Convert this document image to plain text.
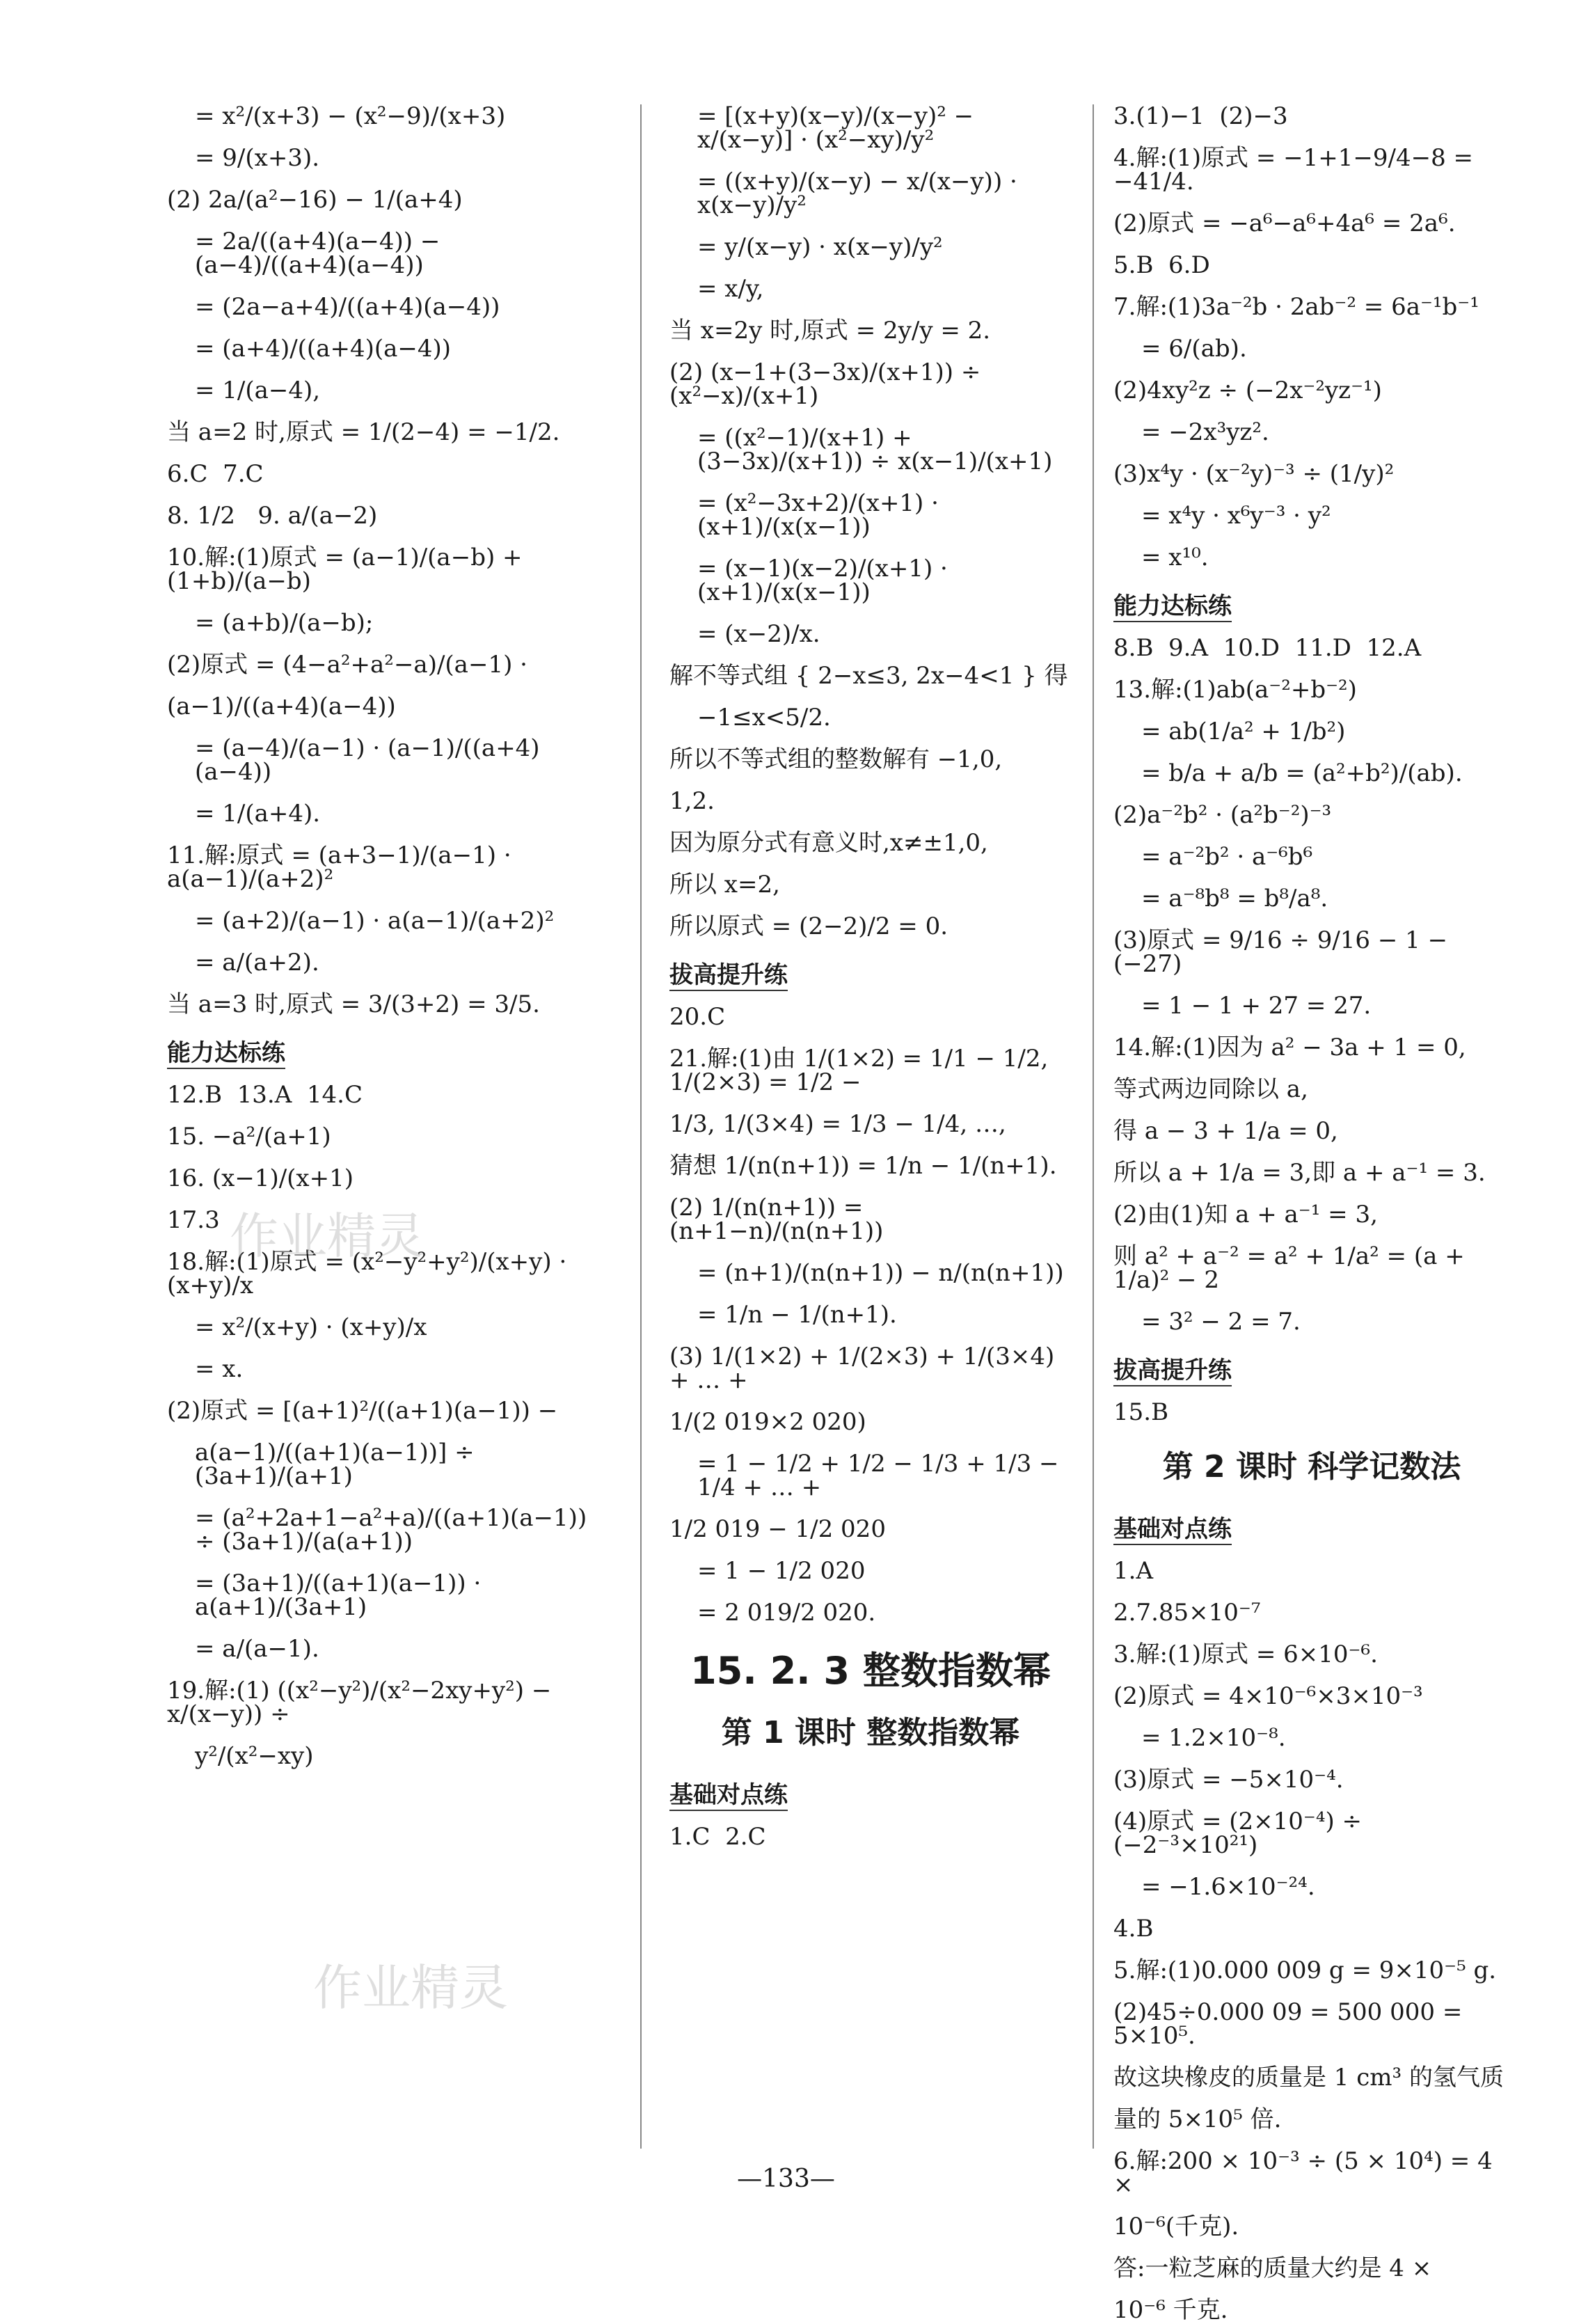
= x²/(x+3) − (x²−9)/(x+3)
= 9/(x+3).
(2) 2a/(a²−16) − 1/(a+4)
= 2a/((a+4)(a−4)) − (a−4)/((a+4)(a−4))
= (2a−a+4)/((a+4)(a−4))
= (a+4)/((a+4)(a−4))
= 1/(a−4),
当 a=2 时,原式 = 1/(2−4) = −1/2.
6.C  7.C
8. 1/2   9. a/(a−2)
10.解:(1)原式 = (a−1)/(a−b) + (1+b)/(a−b)
= (a+b)/(a−b);
(2)原式 = (4−a²+a²−a)/(a−1) ·
(a−1)/((a+4)(a−4))
= (a−4)/(a−1) · (a−1)/((a+4)(a−4))
= 1/(a+4).
11.解:原式 = (a+3−1)/(a−1) · a(a−1)/(a+2)²
= (a+2)/(a−1) · a(a−1)/(a+2)²
= a/(a+2).
当 a=3 时,原式 = 3/(3+2) = 3/5.
能力达标练
12.B  13.A  14.C
15. −a²/(a+1)
16. (x−1)/(x+1)
17.3
18.解:(1)原式 = (x²−y²+y²)/(x+y) · (x+y)/x
= x²/(x+y) · (x+y)/x
= x.
(2)原式 = [(a+1)²/((a+1)(a−1)) −
a(a−1)/((a+1)(a−1))] ÷ (3a+1)/(a+1)
= (a²+2a+1−a²+a)/((a+1)(a−1)) ÷ (3a+1)/(a(a+1))
= (3a+1)/((a+1)(a−1)) · a(a+1)/(3a+1)
= a/(a−1).
19.解:(1) ((x²−y²)/(x²−2xy+y²) − x/(x−y)) ÷
y²/(x²−xy)
= [(x+y)(x−y)/(x−y)² − x/(x−y)] · (x²−xy)/y²
= ((x+y)/(x−y) − x/(x−y)) · x(x−y)/y²
= y/(x−y) · x(x−y)/y²
= x/y,
当 x=2y 时,原式 = 2y/y = 2.
(2) (x−1+(3−3x)/(x+1)) ÷ (x²−x)/(x+1)
= ((x²−1)/(x+1) + (3−3x)/(x+1)) ÷ x(x−1)/(x+1)
= (x²−3x+2)/(x+1) · (x+1)/(x(x−1))
= (x−1)(x−2)/(x+1) · (x+1)/(x(x−1))
= (x−2)/x.
解不等式组 { 2−x≤3, 2x−4<1 } 得
−1≤x<5/2.
所以不等式组的整数解有 −1,0,
1,2.
因为原分式有意义时,x≠±1,0,
所以 x=2,
所以原式 = (2−2)/2 = 0.
拔高提升练
20.C
21.解:(1)由 1/(1×2) = 1/1 − 1/2, 1/(2×3) = 1/2 −
1/3, 1/(3×4) = 1/3 − 1/4, …,
猜想 1/(n(n+1)) = 1/n − 1/(n+1).
(2) 1/(n(n+1)) = (n+1−n)/(n(n+1))
= (n+1)/(n(n+1)) − n/(n(n+1))
= 1/n − 1/(n+1).
(3) 1/(1×2) + 1/(2×3) + 1/(3×4) + … +
1/(2 019×2 020)
= 1 − 1/2 + 1/2 − 1/3 + 1/3 − 1/4 + … +
1/2 019 − 1/2 020
= 1 − 1/2 020
= 2 019/2 020.
15. 2. 3 整数指数幂
第 1 课时 整数指数幂
基础对点练
1.C  2.C
3.(1)−1  (2)−3
4.解:(1)原式 = −1+1−9/4−8 = −41/4.
(2)原式 = −a⁶−a⁶+4a⁶ = 2a⁶.
5.B  6.D
7.解:(1)3a⁻²b · 2ab⁻² = 6a⁻¹b⁻¹
= 6/(ab).
(2)4xy²z ÷ (−2x⁻²yz⁻¹)
= −2x³yz².
(3)x⁴y · (x⁻²y)⁻³ ÷ (1/y)²
= x⁴y · x⁶y⁻³ · y²
= x¹⁰.
能力达标练
8.B  9.A  10.D  11.D  12.A
13.解:(1)ab(a⁻²+b⁻²)
= ab(1/a² + 1/b²)
= b/a + a/b = (a²+b²)/(ab).
(2)a⁻²b² · (a²b⁻²)⁻³
= a⁻²b² · a⁻⁶b⁶
= a⁻⁸b⁸ = b⁸/a⁸.
(3)原式 = 9/16 ÷ 9/16 − 1 − (−27)
= 1 − 1 + 27 = 27.
14.解:(1)因为 a² − 3a + 1 = 0,
等式两边同除以 a,
得 a − 3 + 1/a = 0,
所以 a + 1/a = 3,即 a + a⁻¹ = 3.
(2)由(1)知 a + a⁻¹ = 3,
则 a² + a⁻² = a² + 1/a² = (a + 1/a)² − 2
= 3² − 2 = 7.
拔高提升练
15.B
第 2 课时 科学记数法
基础对点练
1.A
2.7.85×10⁻⁷
3.解:(1)原式 = 6×10⁻⁶.
(2)原式 = 4×10⁻⁶×3×10⁻³
= 1.2×10⁻⁸.
(3)原式 = −5×10⁻⁴.
(4)原式 = (2×10⁻⁴) ÷ (−2⁻³×10²¹)
= −1.6×10⁻²⁴.
4.B
5.解:(1)0.000 009 g = 9×10⁻⁵ g.
(2)45÷0.000 09 = 500 000 = 5×10⁵.
故这块橡皮的质量是 1 cm³ 的氢气质
量的 5×10⁵ 倍.
6.解:200 × 10⁻³ ÷ (5 × 10⁴) = 4 ×
10⁻⁶(千克).
答:一粒芝麻的质量大约是 4 ×
10⁻⁶ 千克.
作业精灵
作业精灵
—133—
